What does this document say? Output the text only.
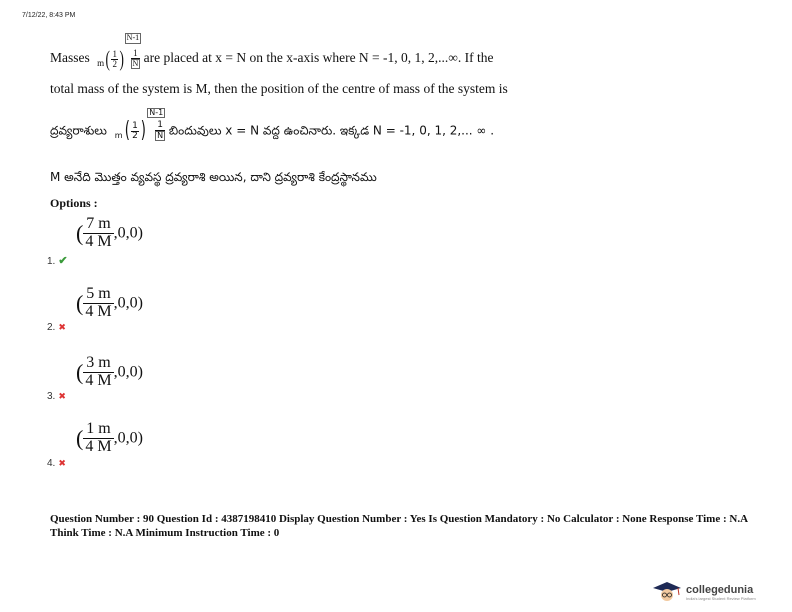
7/12/22, 8:43 PM
Masses $_m( \frac{1}{2}$ ) N-1
$\frac{1}{N}$ are placed at x = N on the x-axis where N = -1, 0, 1, 2,...∞. If the
total mass of the system is M, then the position of the centre of mass of the system is
ద్రవ్యరాశులు $_m( \frac{1}{2}$ ) N-1
$\frac{1}{N}$ బిందువులు x = N వద్ద ఉంచినారు. ఇక్కడ N = -1, 0, 1, 2,... ∞ .
M అనేది మొత్తం వ్యవస్థ ద్రవ్యరాశి అయిన, దాని ద్రవ్యరాశి కేంద్రస్థానము
Options :
( $\frac{7 m}{4 M} ,0,0$)
1. ✔
( $\frac{5 m}{4 M} ,0,0$)
2. ✖
( $\frac{3 m}{4 M} ,0,0$)
3. ✖
( $\frac{1 m}{4 M} ,0,0$)
4. ✖
Question Number : 90 Question Id : 4387198410 Display Question Number : Yes Is Question Mandatory : No Calculator : None Response Time : N.A Think Time : N.A Minimum Instruction Time : 0
collegedunia
India's largest Student Review Platform
